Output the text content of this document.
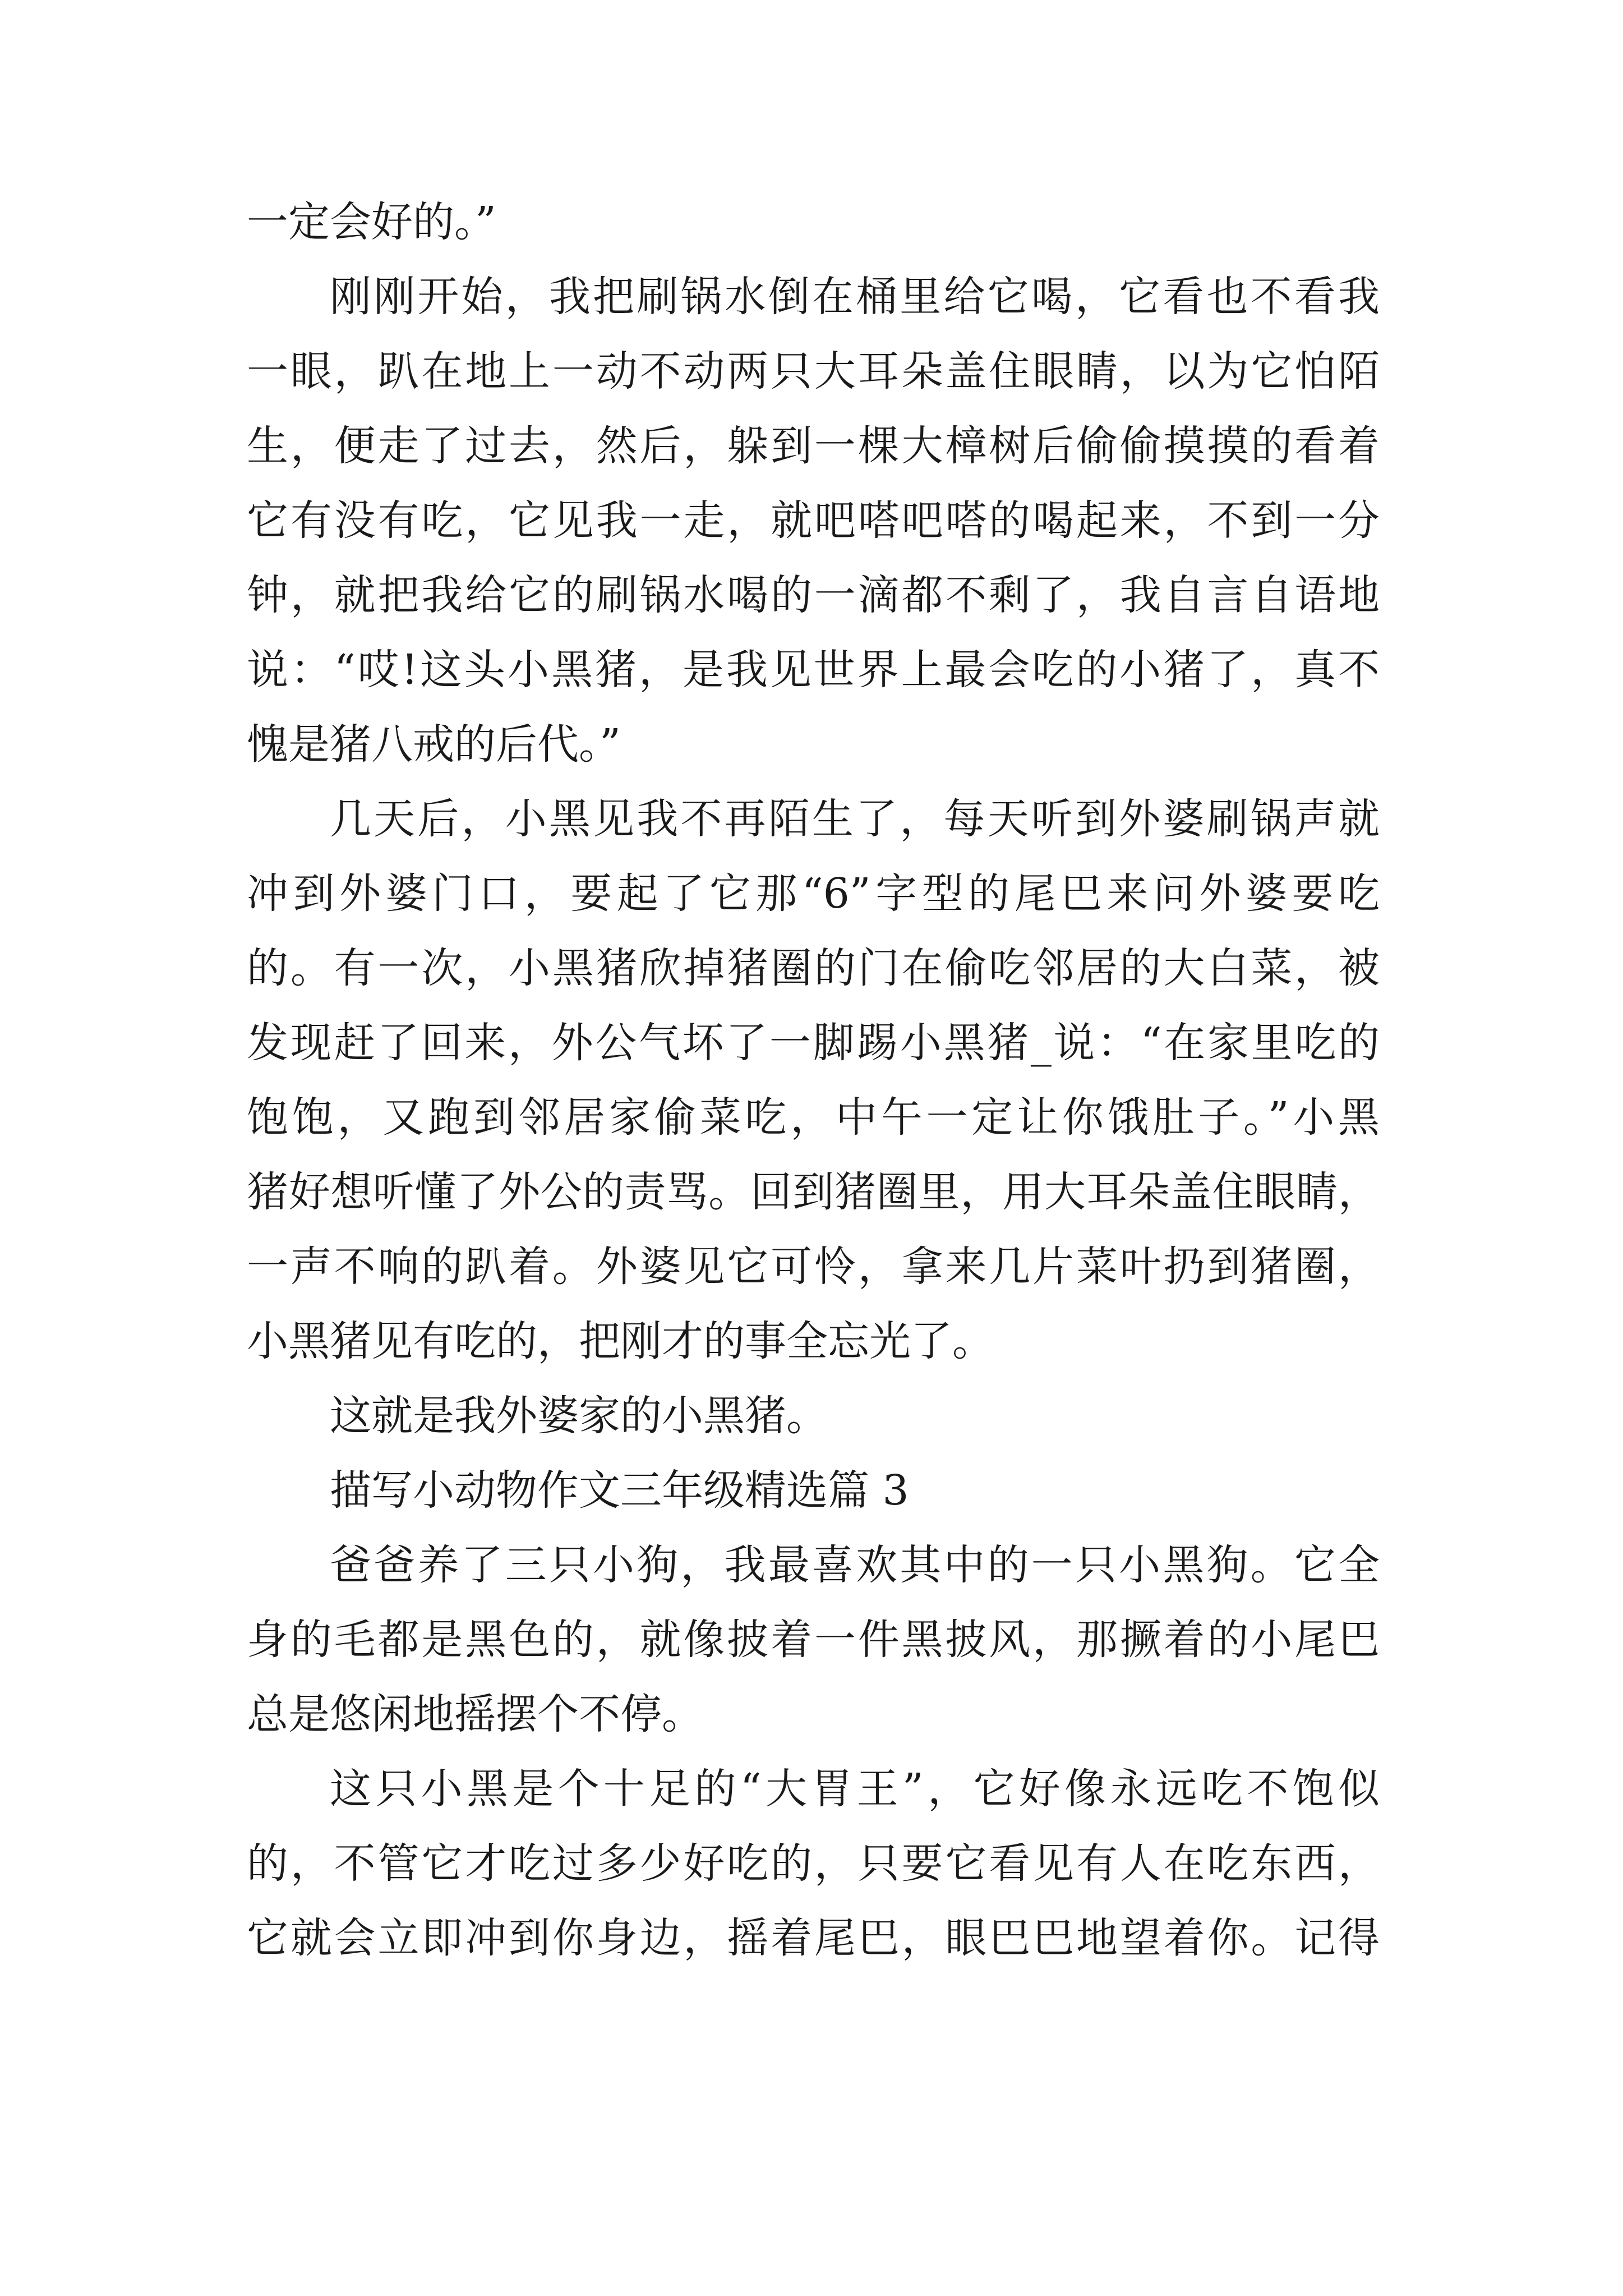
一定会好的。”
刚刚开始，我把刷锅水倒在桶里给它喝，它看也不看我
一眼，趴在地上一动不动两只大耳朵盖住眼睛，以为它怕陌
生，便走了过去，然后，躲到一棵大樟树后偷偷摸摸的看着
它有没有吃，它见我一走，就吧嗒吧嗒的喝起来，不到一分
钟，就把我给它的刷锅水喝的一滴都不剩了，我自言自语地
说：“哎!这头小黑猪，是我见世界上最会吃的小猪了，真不
愧是猪八戒的后代。”
几天后，小黑见我不再陌生了，每天听到外婆刷锅声就
冲到外婆门口，要起了它那“6”字型的尾巴来问外婆要吃
的。有一次，小黑猪欣掉猪圈的门在偷吃邻居的大白菜，被
发现赶了回来，外公气坏了一脚踢小黑猪_说：“在家里吃的
饱饱，又跑到邻居家偷菜吃，中午一定让你饿肚子。”小黑
猪好想听懂了外公的责骂。回到猪圈里，用大耳朵盖住眼睛，
一声不响的趴着。外婆见它可怜，拿来几片菜叶扔到猪圈，
小黑猪见有吃的，把刚才的事全忘光了。
这就是我外婆家的小黑猪。
描写小动物作文三年级精选篇 3
爸爸养了三只小狗，我最喜欢其中的一只小黑狗。它全
身的毛都是黑色的，就像披着一件黑披风，那撅着的小尾巴
总是悠闲地摇摆个不停。
这只小黑是个十足的“大胃王”，它好像永远吃不饱似
的，不管它才吃过多少好吃的，只要它看见有人在吃东西，
它就会立即冲到你身边，摇着尾巴，眼巴巴地望着你。记得
